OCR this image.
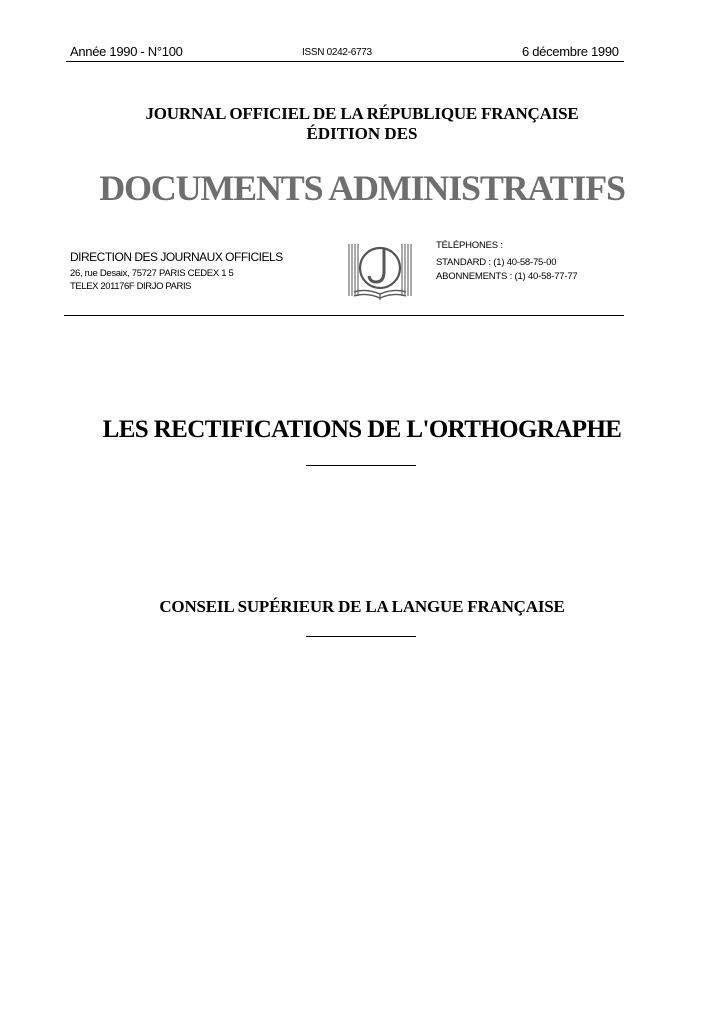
Année 1990 - N°100	ISSN 0242-6773	6 décembre 1990
JOURNAL OFFICIEL DE LA RÉPUBLIQUE FRANÇAISE
ÉDITION DES
DOCUMENTS ADMINISTRATIFS
DIRECTION DES JOURNAUX OFFICIELS
26, rue Desaix, 75727 PARIS CEDEX 1 5
TELEX 201176F DIRJO PARIS
TÉLÉPHONES :
STANDARD : (1) 40-58-75-00
ABONNEMENTS : (1) 40-58-77-77
LES RECTIFICATIONS DE L'ORTHOGRAPHE
CONSEIL SUPÉRIEUR DE LA LANGUE FRANÇAISE
